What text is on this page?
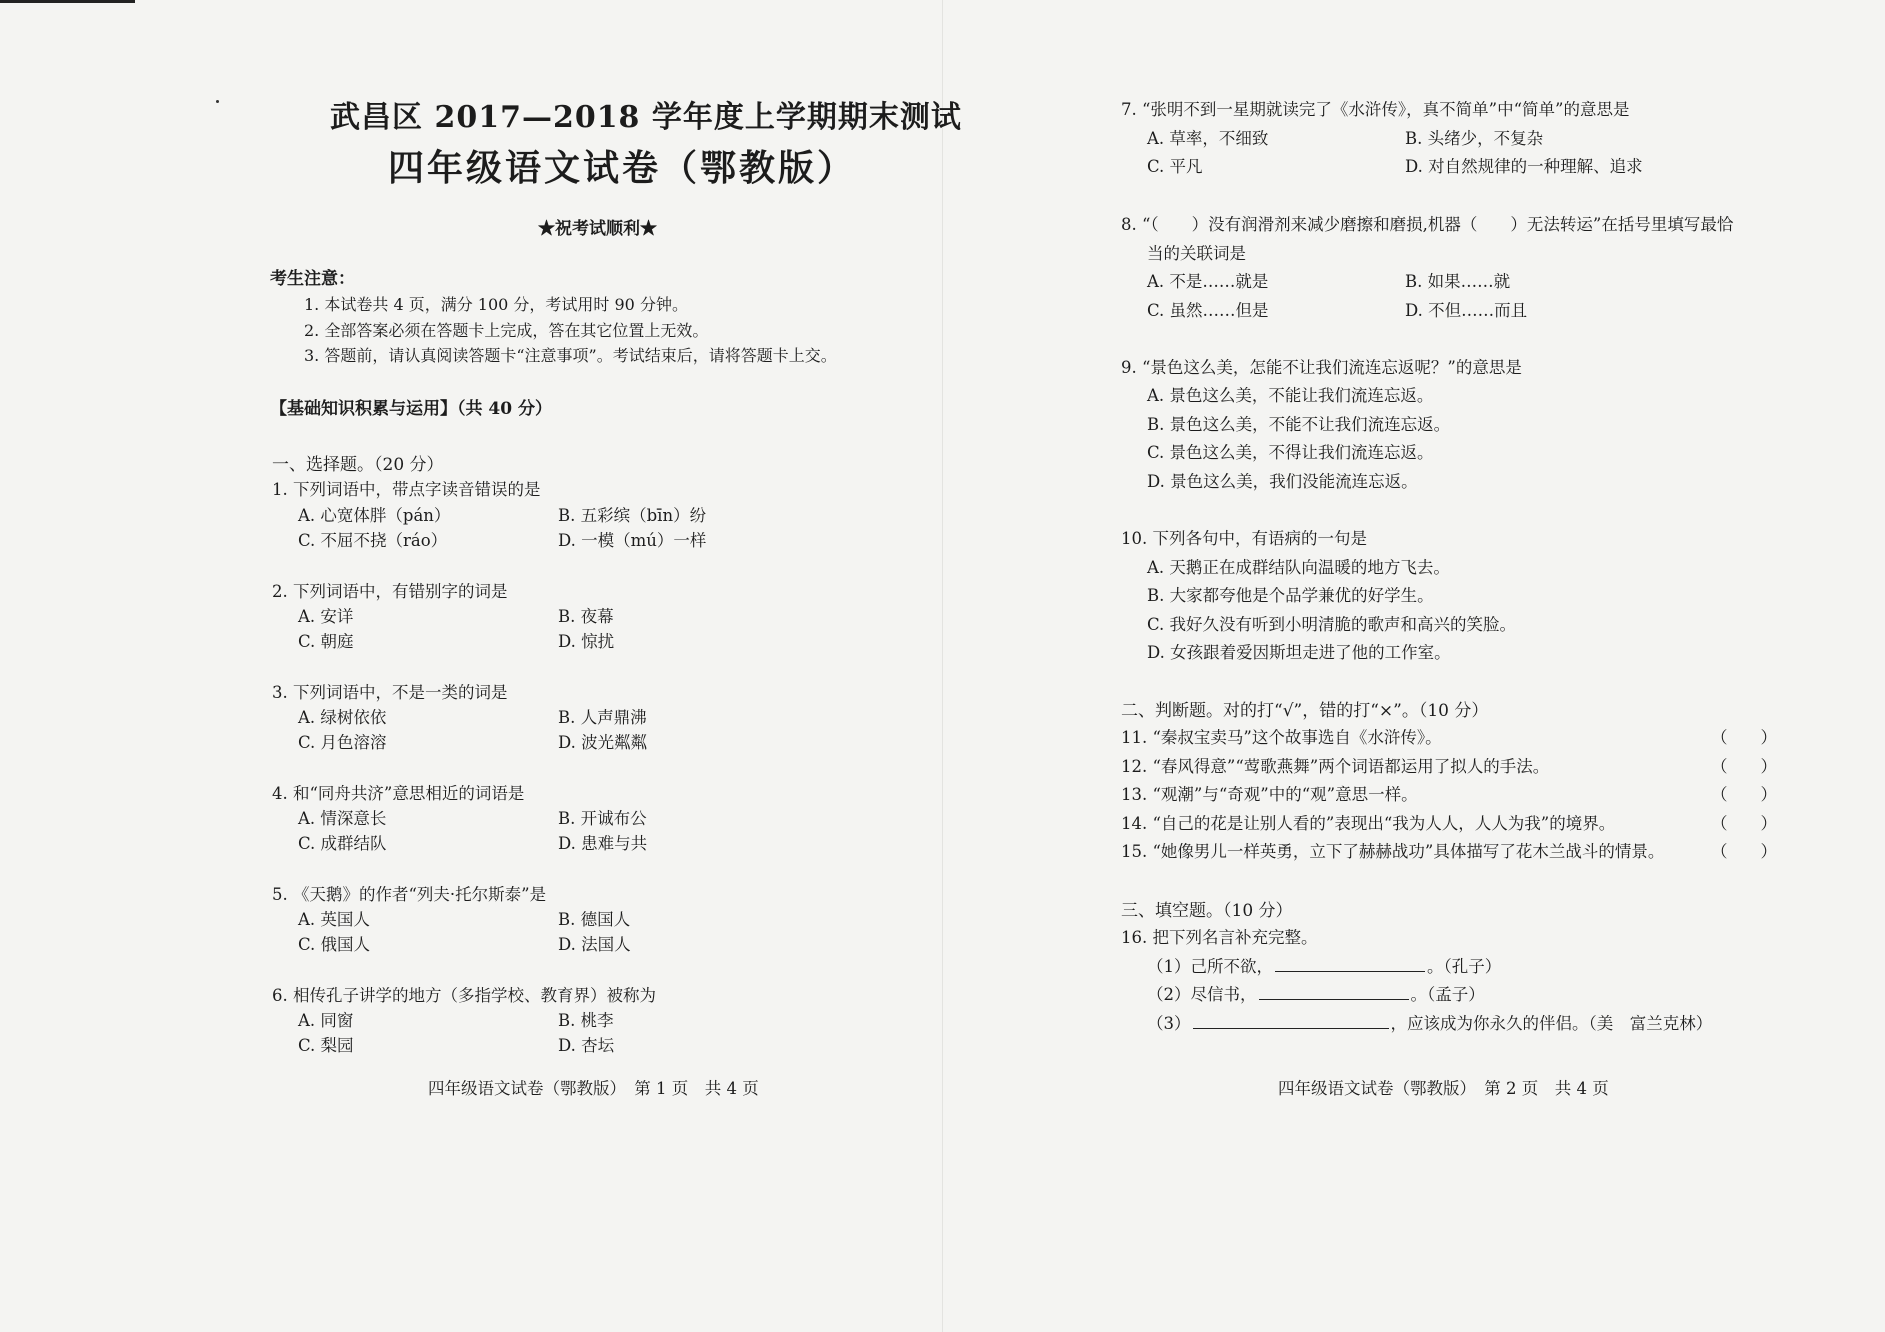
武昌区 2017—2018 学年度上学期期末测试
四年级语文试卷（鄂教版）
★祝考试顺利★
考生注意：
1. 本试卷共 4 页，满分 100 分，考试用时 90 分钟。
2. 全部答案必须在答题卡上完成，答在其它位置上无效。
3. 答题前，请认真阅读答题卡“注意事项”。考试结束后，请将答题卡上交。
【基础知识积累与运用】（共 40 分）
一、选择题。（20 分）
1. 下列词语中，带点字读音错误的是
A. 心宽体胖（pán）	B. 五彩缤（bīn）纷
C. 不屈不挠（ráo）	D. 一模（mú）一样
2. 下列词语中，有错别字的词是
A. 安详	B. 夜幕
C. 朝庭	D. 惊扰
3. 下列词语中，不是一类的词是
A. 绿树依依	B. 人声鼎沸
C. 月色溶溶	D. 波光粼粼
4. 和“同舟共济”意思相近的词语是
A. 情深意长	B. 开诚布公
C. 成群结队	D. 患难与共
5. 《天鹅》的作者“列夫·托尔斯泰”是
A. 英国人	B. 德国人
C. 俄国人	D. 法国人
6. 相传孔子讲学的地方（多指学校、教育界）被称为
A. 同窗	B. 桃李
C. 梨园	D. 杏坛
四年级语文试卷（鄂教版）　第 1 页　共 4 页
7. “张明不到一星期就读完了《水浒传》，真不简单”中“简单”的意思是
A. 草率，不细致	B. 头绪少，不复杂
C. 平凡	D. 对自然规律的一种理解、追求
8. “（　　）没有润滑剂来减少磨擦和磨损,机器（　　）无法转运”在括号里填写最恰
当的关联词是
A. 不是……就是	B. 如果……就
C. 虽然……但是	D. 不但……而且
9. “景色这么美，怎能不让我们流连忘返呢？”的意思是
A. 景色这么美，不能让我们流连忘返。
B. 景色这么美，不能不让我们流连忘返。
C. 景色这么美，不得让我们流连忘返。
D. 景色这么美，我们没能流连忘返。
10. 下列各句中，有语病的一句是
A. 天鹅正在成群结队向温暖的地方飞去。
B. 大家都夸他是个品学兼优的好学生。
C. 我好久没有听到小明清脆的歌声和高兴的笑脸。
D. 女孩跟着爱因斯坦走进了他的工作室。
二、判断题。对的打“√”，错的打“×”。（10 分）
11. “秦叔宝卖马”这个故事选自《水浒传》。	（　　）
12. “春风得意”“莺歌燕舞”两个词语都运用了拟人的手法。	（　　）
13. “观潮”与“奇观”中的“观”意思一样。	（　　）
14. “自己的花是让别人看的”表现出“我为人人，人人为我”的境界。	（　　）
15. “她像男儿一样英勇，立下了赫赫战功”具体描写了花木兰战斗的情景。	（　　）
三、填空题。（10 分）
16. 把下列名言补充完整。
（1）己所不欲，	。（孔子）
（2）尽信书，	。（孟子）
（3）	，应该成为你永久的伴侣。（美　富兰克林）
四年级语文试卷（鄂教版）　第 2 页　共 4 页
